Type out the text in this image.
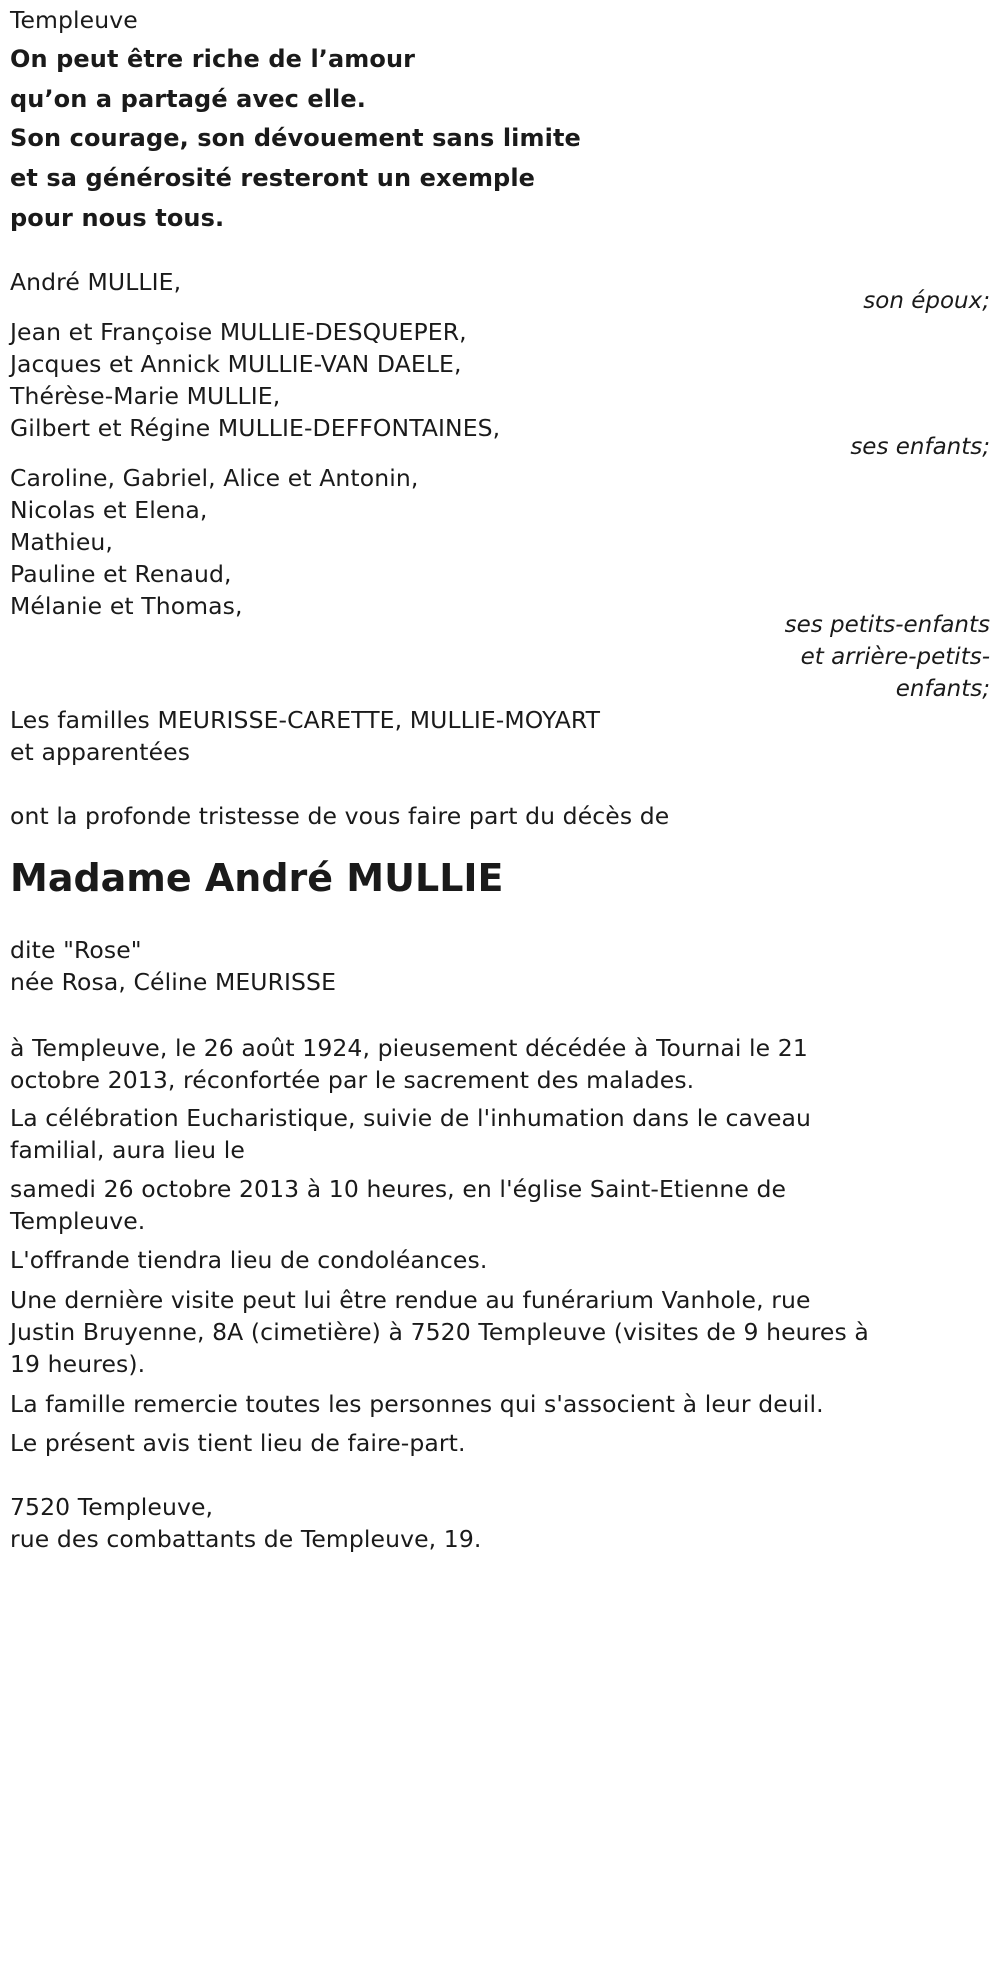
Templeuve
On peut être riche de l’amour
qu’on a partagé avec elle.
Son courage, son dévouement sans limite
et sa générosité resteront un exemple
pour nous tous.
André MULLIE,
son époux;
Jean et Françoise MULLIE-DESQUEPER,
Jacques et Annick MULLIE-VAN DAELE,
Thérèse-Marie MULLIE,
Gilbert et Régine MULLIE-DEFFONTAINES,
ses enfants;
Caroline, Gabriel, Alice et Antonin,
Nicolas et Elena,
Mathieu,
Pauline et Renaud,
Mélanie et Thomas,
ses petits-enfants
et arrière-petits-
enfants;
Les familles MEURISSE-CARETTE, MULLIE-MOYART
et apparentées
ont la profonde tristesse de vous faire part du décès de
Madame André MULLIE
dite "Rose"
née Rosa, Céline MEURISSE
à Templeuve, le 26 août 1924, pieusement décédée à Tournai le 21
octobre 2013, réconfortée par le sacrement des malades.
La célébration Eucharistique, suivie de l'inhumation dans le caveau
familial, aura lieu le
samedi 26 octobre 2013 à 10 heures, en l'église Saint-Etienne de
Templeuve.
L'offrande tiendra lieu de condoléances.
Une dernière visite peut lui être rendue au funérarium Vanhole, rue
Justin Bruyenne, 8A (cimetière) à 7520 Templeuve (visites de 9 heures à
19 heures).
La famille remercie toutes les personnes qui s'associent à leur deuil.
Le présent avis tient lieu de faire-part.
7520 Templeuve,
rue des combattants de Templeuve, 19.
